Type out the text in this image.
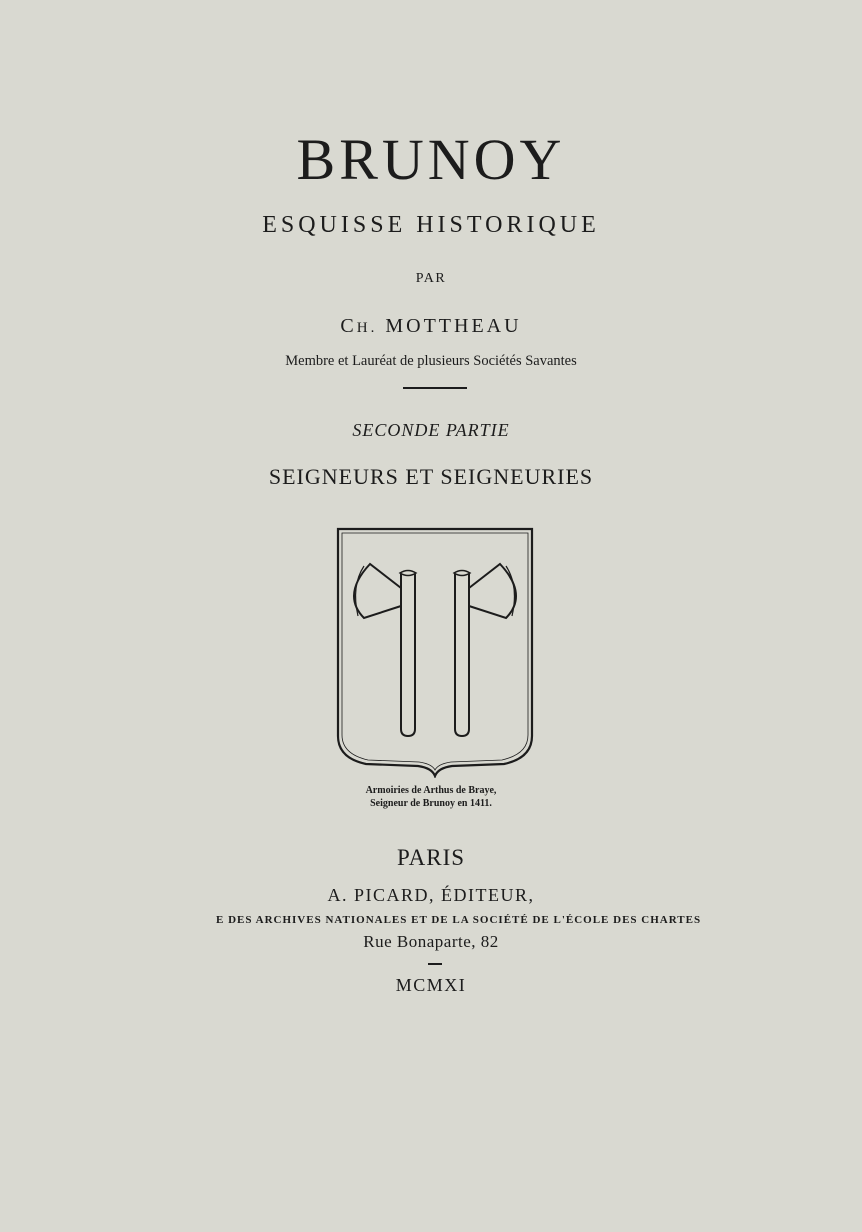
BRUNOY
ESQUISSE HISTORIQUE
PAR
CH. MOTTHEAU
Membre et Lauréat de plusieurs Sociétés Savantes
SECONDE PARTIE
SEIGNEURS ET SEIGNEURIES
Armoiries de Arthus de Braye,
Seigneur de Brunoy en 1411.
PARIS
A. PICARD, ÉDITEUR,
E DES ARCHIVES NATIONALES ET DE LA SOCIÉTÉ DE L'ÉCOLE DES CHARTES
Rue Bonaparte, 82
MCMXI
